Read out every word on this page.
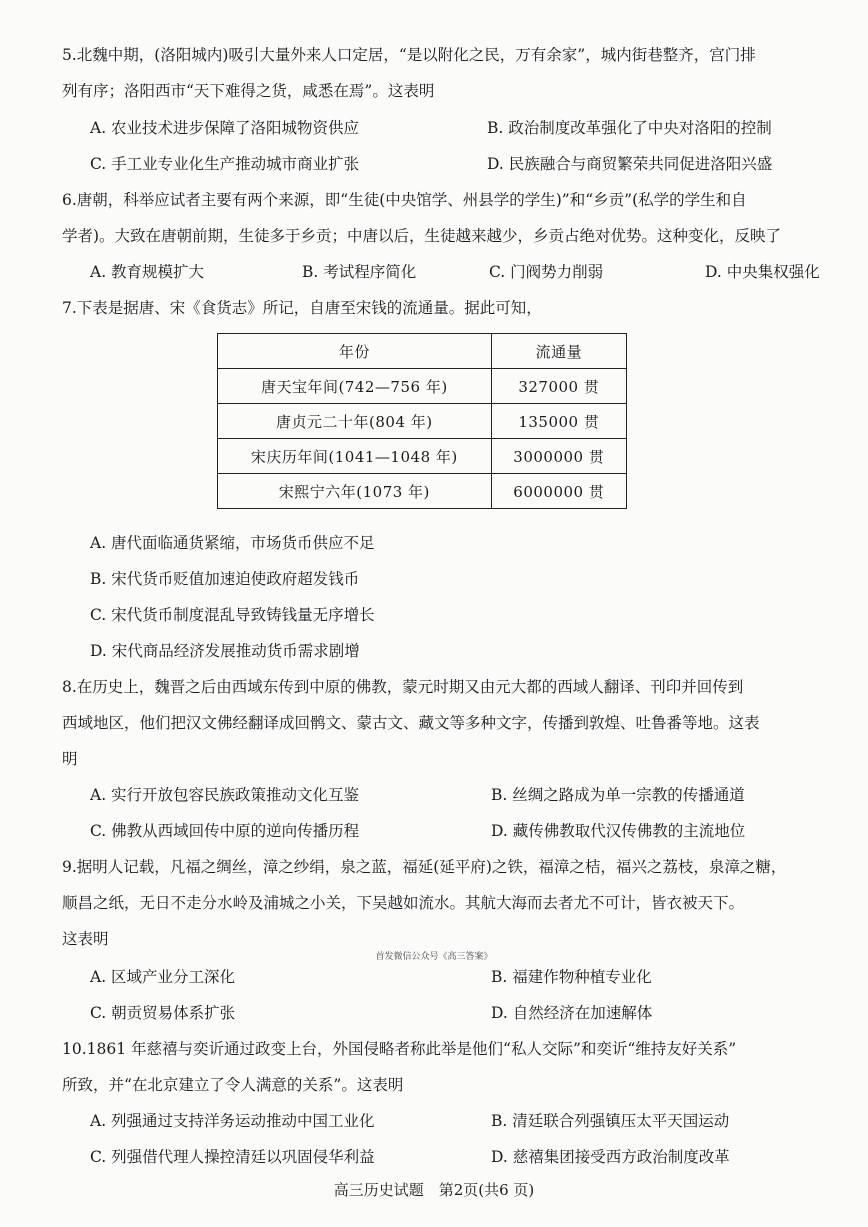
5.北魏中期，(洛阳城内)吸引大量外来人口定居，“是以附化之民，万有余家”，城内街巷整齐，宫门排
列有序；洛阳西市“天下难得之货，咸悉在焉”。这表明
A. 农业技术进步保障了洛阳城物资供应	B. 政治制度改革强化了中央对洛阳的控制
C. 手工业专业化生产推动城市商业扩张	D. 民族融合与商贸繁荣共同促进洛阳兴盛
6.唐朝，科举应试者主要有两个来源，即“生徒(中央馆学、州县学的学生)”和“乡贡”(私学的学生和自
学者)。大致在唐朝前期，生徒多于乡贡；中唐以后，生徒越来越少，乡贡占绝对优势。这种变化，反映了
A. 教育规模扩大	B. 考试程序简化	C. 门阀势力削弱	D. 中央集权强化
7.下表是据唐、宋《食货志》所记，自唐至宋钱的流通量。据此可知，
年份	流通量
唐天宝年间(742—756 年)	327000 贯
唐贞元二十年(804 年)	135000 贯
宋庆历年间(1041—1048 年)	3000000 贯
宋熙宁六年(1073 年)	6000000 贯
A. 唐代面临通货紧缩，市场货币供应不足
B. 宋代货币贬值加速迫使政府超发钱币
C. 宋代货币制度混乱导致铸钱量无序增长
D. 宋代商品经济发展推动货币需求剧增
8.在历史上，魏晋之后由西域东传到中原的佛教，蒙元时期又由元大都的西域人翻译、刊印并回传到
西域地区，他们把汉文佛经翻译成回鹘文、蒙古文、藏文等多种文字，传播到敦煌、吐鲁番等地。这表
明
A. 实行开放包容民族政策推动文化互鉴	B. 丝绸之路成为单一宗教的传播通道
C. 佛教从西域回传中原的逆向传播历程	D. 藏传佛教取代汉传佛教的主流地位
9.据明人记载，凡福之绸丝，漳之纱绢，泉之蓝，福延(延平府)之铁，福漳之桔，福兴之荔枝，泉漳之糖，
顺昌之纸，无日不走分水岭及浦城之小关，下吴越如流水。其航大海而去者尤不可计，皆衣被天下。
这表明
首发微信公众号《高三答案》
A. 区域产业分工深化	B. 福建作物种植专业化
C. 朝贡贸易体系扩张	D. 自然经济在加速解体
10.1861 年慈禧与奕䜣通过政变上台，外国侵略者称此举是他们“私人交际”和奕䜣“维持友好关系”
所致，并“在北京建立了令人满意的关系”。这表明
A. 列强通过支持洋务运动推动中国工业化	B. 清廷联合列强镇压太平天国运动
C. 列强借代理人操控清廷以巩固侵华利益	D. 慈禧集团接受西方政治制度改革
高三历史试题　第2页(共6 页)
